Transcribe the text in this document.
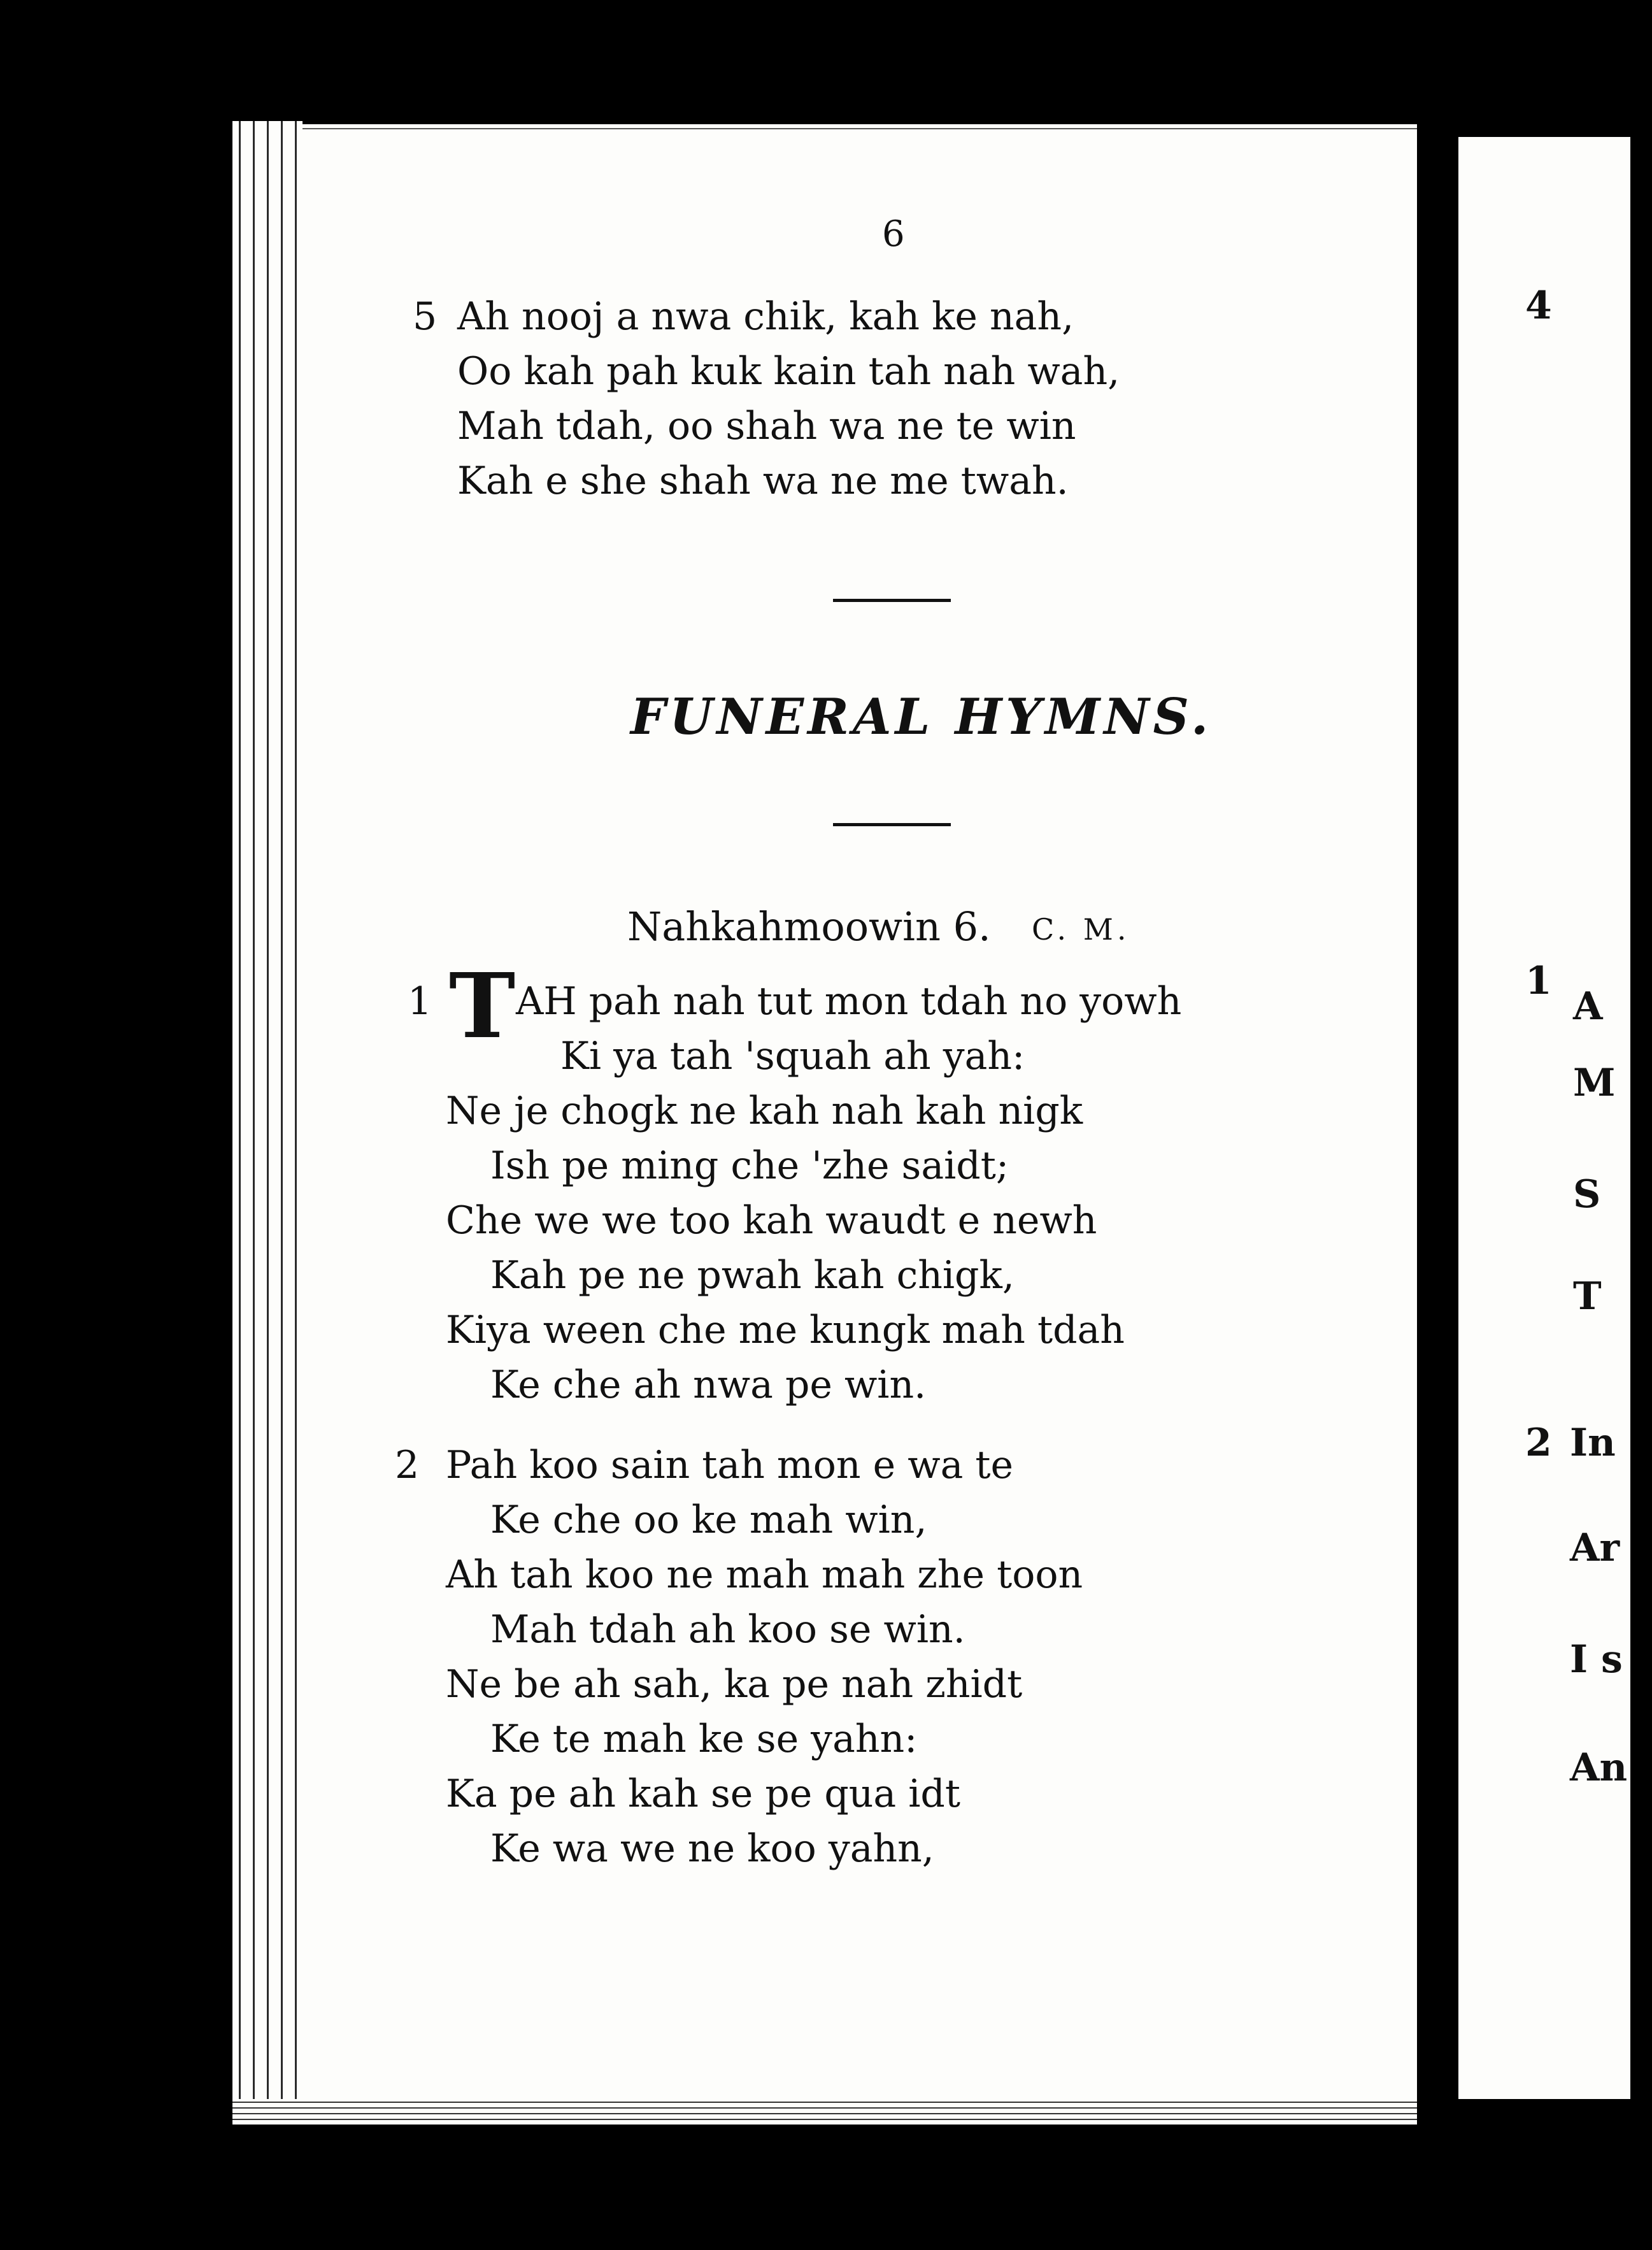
6
5 Ah nooj a nwa chik, kah ke nah,
Oo kah pah kuk kain tah nah wah,
Mah tdah, oo shah wa ne te win
Kah e she shah wa ne me twah.
FUNERAL HYMNS.
Nahkahmoowin 6. C. M.
1 T AH pah nah tut mon tdah no yowh
Ki ya tah 'squah ah yah:
Ne je chogk ne kah nah kah nigk
Ish pe ming che 'zhe saidt;
Che we we too kah waudt e newh
Kah pe ne pwah kah chigk,
Kiya ween che me kungk mah tdah
Ke che ah nwa pe win.
2 Pah koo sain tah mon e wa te
Ke che oo ke mah win,
Ah tah koo ne mah mah zhe toon
Mah tdah ah koo se win.
Ne be ah sah, ka pe nah zhidt
Ke te mah ke se yahn:
Ka pe ah kah se pe qua idt
Ke wa we ne koo yahn,
4
1
A
M
S
T
2 In
Ar
I s
An
